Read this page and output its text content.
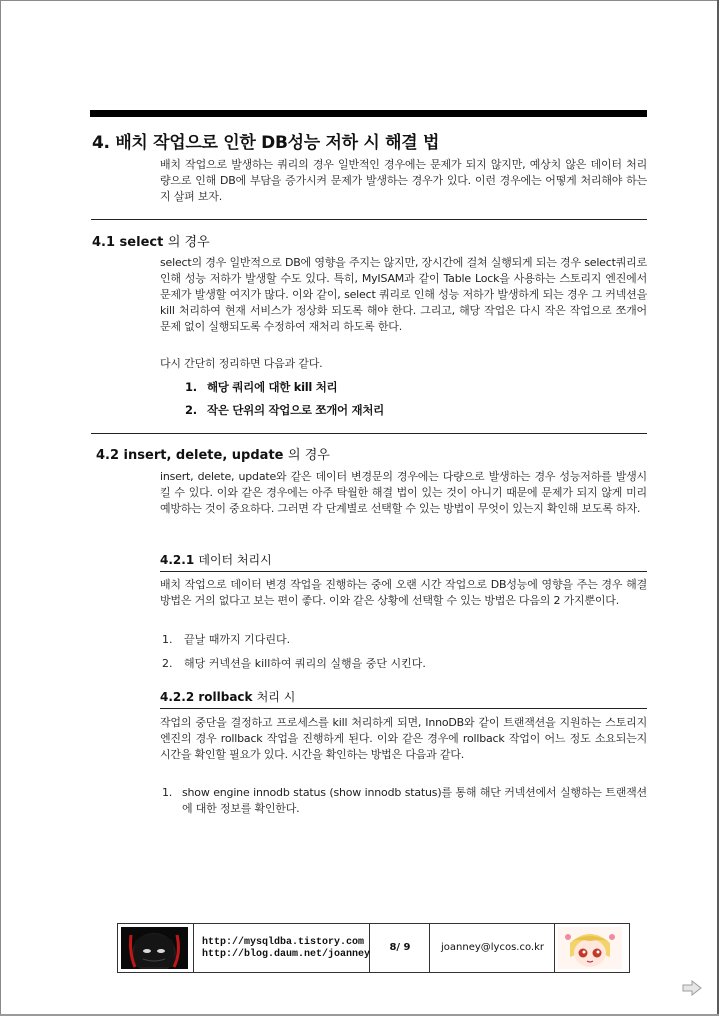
4. 배치 작업으로 인한 DB성능 저하 시 해결 법
배치 작업으로 발생하는 쿼리의 경우 일반적인 경우에는 문제가 되지 않지만, 예상치 않은 데이터 처리 량으로 인해 DB에 부담을 증가시켜 문제가 발생하는 경우가 있다. 이런 경우에는 어떻게 처리해야 하는지 살펴 보자.
4.1 select 의 경우
select의 경우 일반적으로 DB에 영향을 주지는 않지만, 장시간에 걸쳐 실행되게 되는 경우 select쿼리로 인해 성능 저하가 발생할 수도 있다. 특히, MyISAM과 같이 Table Lock을 사용하는 스토리지 엔진에서 문제가 발생할 여지가 많다. 이와 같이, select 쿼리로 인해 성능 저하가 발생하게 되는 경우 그 커넥션을 kill 처리하여 현재 서비스가 정상화 되도록 해야 한다. 그리고, 해당 작업은 다시 작은 작업으로 쪼개어 문제 없이 실행되도록 수정하여 재처리 하도록 한다.
다시 간단히 정리하면 다음과 같다.
1. 해당 쿼리에 대한 kill 처리
2. 작은 단위의 작업으로 쪼개어 재처리
4.2 insert, delete, update 의 경우
insert, delete, update와 같은 데이터 변경문의 경우에는 다량으로 발생하는 경우 성능저하를 발생시킬 수 있다. 이와 같은 경우에는 아주 탁월한 해결 법이 있는 것이 아니기 때문에 문제가 되지 않게 미리 예방하는 것이 중요하다. 그러면 각 단계별로 선택할 수 있는 방법이 무엇이 있는지 확인해 보도록 하자.
4.2.1 데이터 처리시
배치 작업으로 데이터 변경 작업을 진행하는 중에 오랜 시간 작업으로 DB성능에 영향을 주는 경우 해결 방법은 거의 없다고 보는 편이 좋다. 이와 같은 상황에 선택할 수 있는 방법은 다음의 2 가지뿐이다.
1. 끝날 때까지 기다린다.
2. 해당 커넥션을 kill하여 쿼리의 실행을 중단 시킨다.
4.2.2 rollback 처리 시
작업의 중단을 결정하고 프로세스를 kill 처리하게 되면, InnoDB와 같이 트랜잭션을 지원하는 스토리지 엔진의 경우 rollback 작업을 진행하게 된다. 이와 같은 경우에 rollback 작업이 어느 정도 소요되는지 시간을 확인할 필요가 있다. 시간을 확인하는 방법은 다음과 같다.
1. show engine innodb status (show innodb status)를 통해 해단 커넥션에서 실행하는 트랜잭션에 대한 정보를 확인한다.
http://mysqldba.tistory.com
http://blog.daum.net/joanney
8/ 9	joanney@lycos.co.kr
